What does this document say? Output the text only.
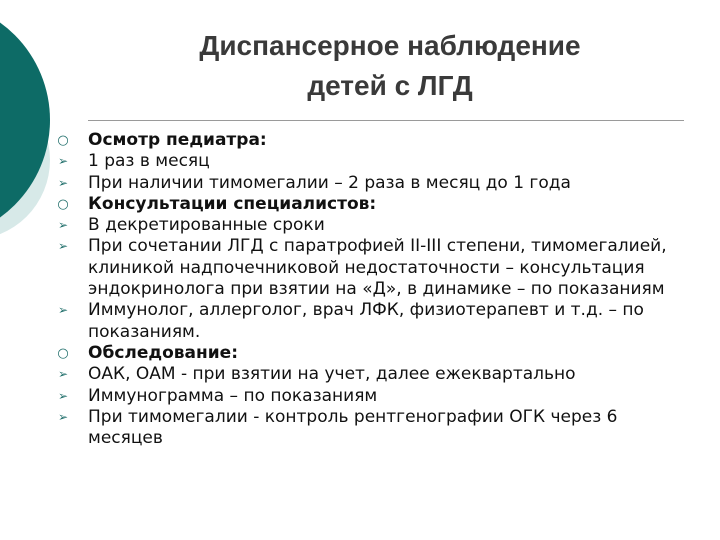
Диспансерное наблюдение
детей с ЛГД
○ Осмотр педиатра:
➢ 1 раз в месяц
➢ При наличии тимомегалии – 2 раза в месяц до 1 года
○ Консультации специалистов:
➢ В декретированные сроки
➢ При сочетании ЛГД с паратрофией II-III степени, тимомегалией, клиникой надпочечниковой недостаточности – консультация эндокринолога при взятии на «Д», в динамике – по показаниям
➢ Иммунолог, аллерголог, врач ЛФК, физиотерапевт и т.д. – по показаниям.
○ Обследование:
➢ ОАК, ОАМ - при взятии на учет, далее ежеквартально
➢ Иммунограмма – по показаниям
➢ При тимомегалии - контроль рентгенографии ОГК через 6 месяцев
